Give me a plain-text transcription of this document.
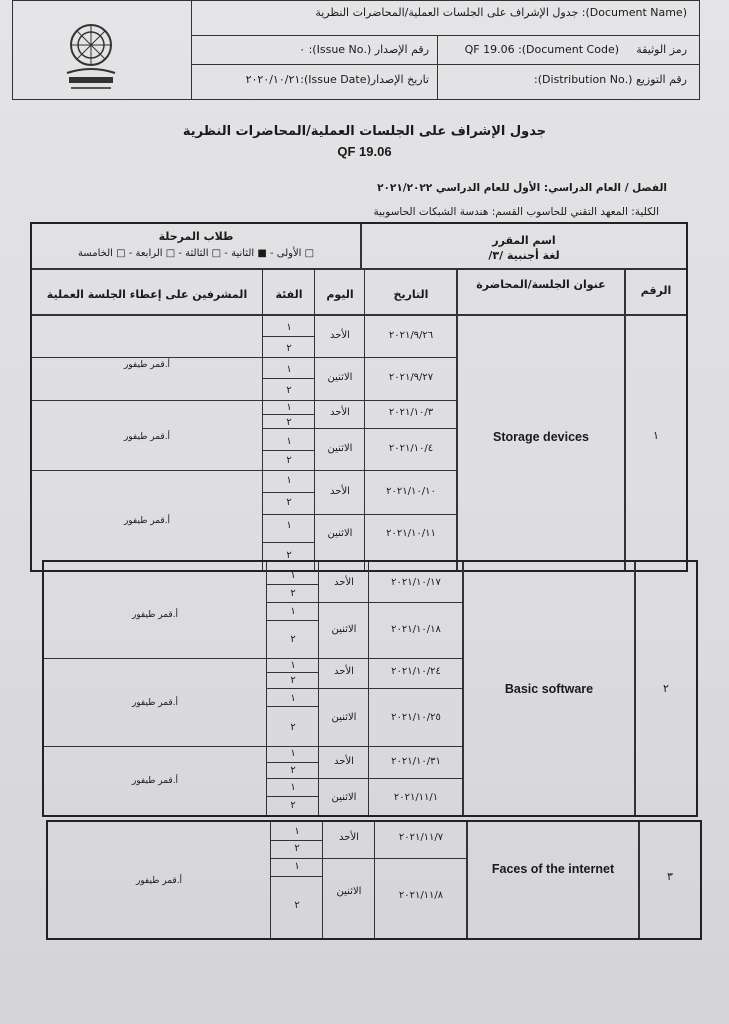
(Document Name): جدول الإشراف على الجلسات العملية/المحاضرات النظرية
رمز الوثيقة
QF 19.06 :(Document Code)
رقم الإصدار (.Issue No): ٠
رقم التوزيع (.Distribution No):
تاريخ الإصدار(Issue Date):٢٠٢٠/١٠/٢١
جدول الإشراف على الجلسات العملية/المحاضرات النظرية
QF 19.06
الفصل / العام الدراسي: الأول للعام الدراسي ٢٠٢١/٢٠٢٢
الكلية: المعهد التقني للحاسوب القسم: هندسة الشبكات الحاسوبية
اسم المقرر
لغة أجنبية /٣/
طلاب المرحلة
□ الأولى - ■ الثانية - □ الثالثة - □ الرابعة - □ الخامسة
الرقم
عنوان الجلسة/المحاضرة
التاريخ
اليوم
الفئة
المشرفين على إعطاء الجلسة العملية
١
Storage devices
٢٠٢١/٩/٢٦
الأحد
٢٠٢١/٩/٢٧
الاثنين
٢٠٢١/١٠/٣
الأحد
٢٠٢١/١٠/٤
الاثنين
٢٠٢١/١٠/١٠
الأحد
٢٠٢١/١٠/١١
الاثنين
١
٢
١
٢
١
٢
١
٢
١
٢
١
٢
أ.قمر طيفور
أ.قمر طيفور
أ.قمر طيفور
٢
Basic software
٢٠٢١/١٠/١٧
الأحد
٢٠٢١/١٠/١٨
الاثنين
٢٠٢١/١٠/٢٤
الأحد
٢٠٢١/١٠/٢٥
الاثنين
٢٠٢١/١٠/٣١
الأحد
٢٠٢١/١١/١
الاثنين
١
٢
١
٢
١
٢
١
٢
١
٢
١
٢
أ.قمر طيفور
أ.قمر طيفور
أ.قمر طيفور
٣
Faces of the internet
٢٠٢١/١١/٧
الأحد
٢٠٢١/١١/٨
الاثنين
١
٢
١
٢
أ.قمر طيفور
